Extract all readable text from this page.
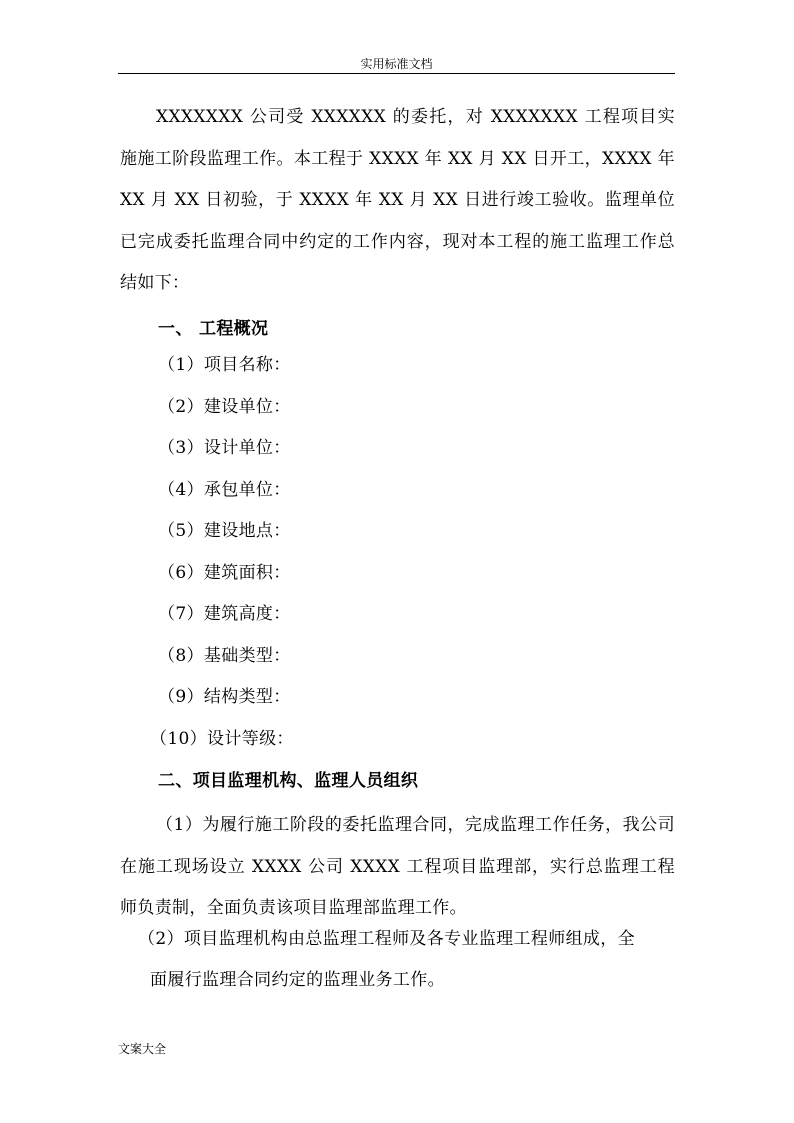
实用标准文档

XXXXXXX 公司受 XXXXXX 的委托，对 XXXXXXX 工程项目实施施工阶段监理工作。本工程于 XXXX 年 XX 月 XX 日开工，XXXX 年 XX 月 XX 日初验，于 XXXX 年 XX 月 XX 日进行竣工验收。监理单位已完成委托监理合同中约定的工作内容，现对本工程的施工监理工作总结如下：

一、 工程概况
（1）项目名称：
（2）建设单位：
（3）设计单位：
（4）承包单位：
（5）建设地点：
（6）建筑面积：
（7）建筑高度：
（8）基础类型：
（9）结构类型：
（10）设计等级：
二、项目监理机构、监理人员组织

（1）为履行施工阶段的委托监理合同，完成监理工作任务，我公司在施工现场设立 XXXX 公司 XXXX 工程项目监理部，实行总监理工程师负责制，全面负责该项目监理部监理工作。

（2）项目监理机构由总监理工程师及各专业监理工程师组成，全
面履行监理合同约定的监理业务工作。
文案大全
